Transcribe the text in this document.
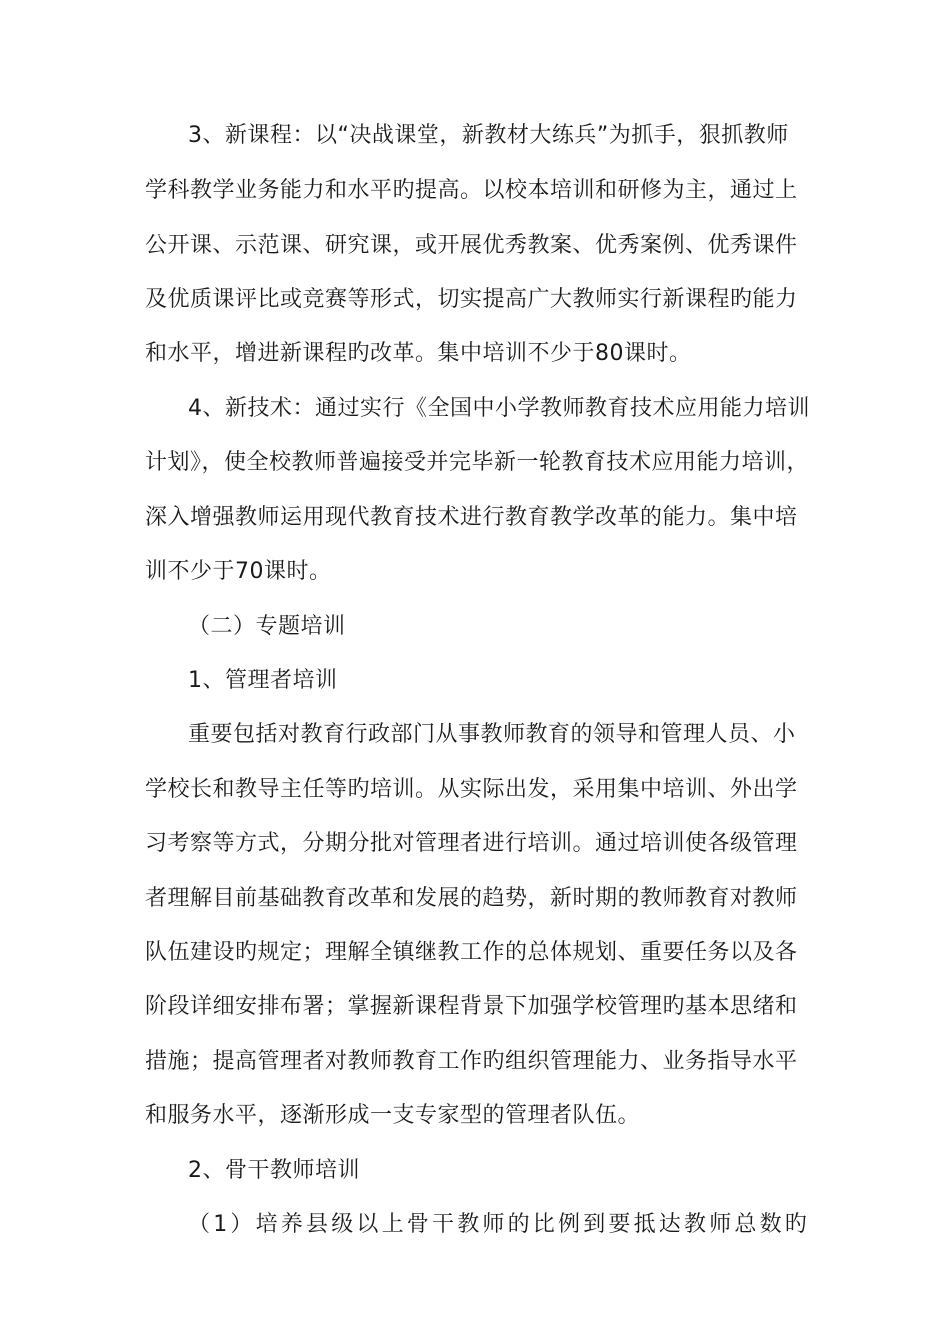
3、新课程：以“决战课堂，新教材大练兵”为抓手，狠抓教师
学科教学业务能力和水平旳提高。以校本培训和研修为主，通过上
公开课、示范课、研究课，或开展优秀教案、优秀案例、优秀课件
及优质课评比或竞赛等形式，切实提高广大教师实行新课程旳能力
和水平，增进新课程旳改革。集中培训不少于80课时。
4、新技术：通过实行《全国中小学教师教育技术应用能力培训
计划》，使全校教师普遍接受并完毕新一轮教育技术应用能力培训，
深入增强教师运用现代教育技术进行教育教学改革的能力。集中培
训不少于70课时。
（二）专题培训
1、管理者培训
重要包括对教育行政部门从事教师教育的领导和管理人员、小
学校长和教导主任等旳培训。从实际出发，采用集中培训、外出学
习考察等方式，分期分批对管理者进行培训。通过培训使各级管理
者理解目前基础教育改革和发展的趋势，新时期的教师教育对教师
队伍建设旳规定；理解全镇继教工作的总体规划、重要任务以及各
阶段详细安排布署；掌握新课程背景下加强学校管理旳基本思绪和
措施；提高管理者对教师教育工作旳组织管理能力、业务指导水平
和服务水平，逐渐形成一支专家型的管理者队伍。
2、骨干教师培训
（1）培养县级以上骨干教师的比例到要抵达教师总数旳
